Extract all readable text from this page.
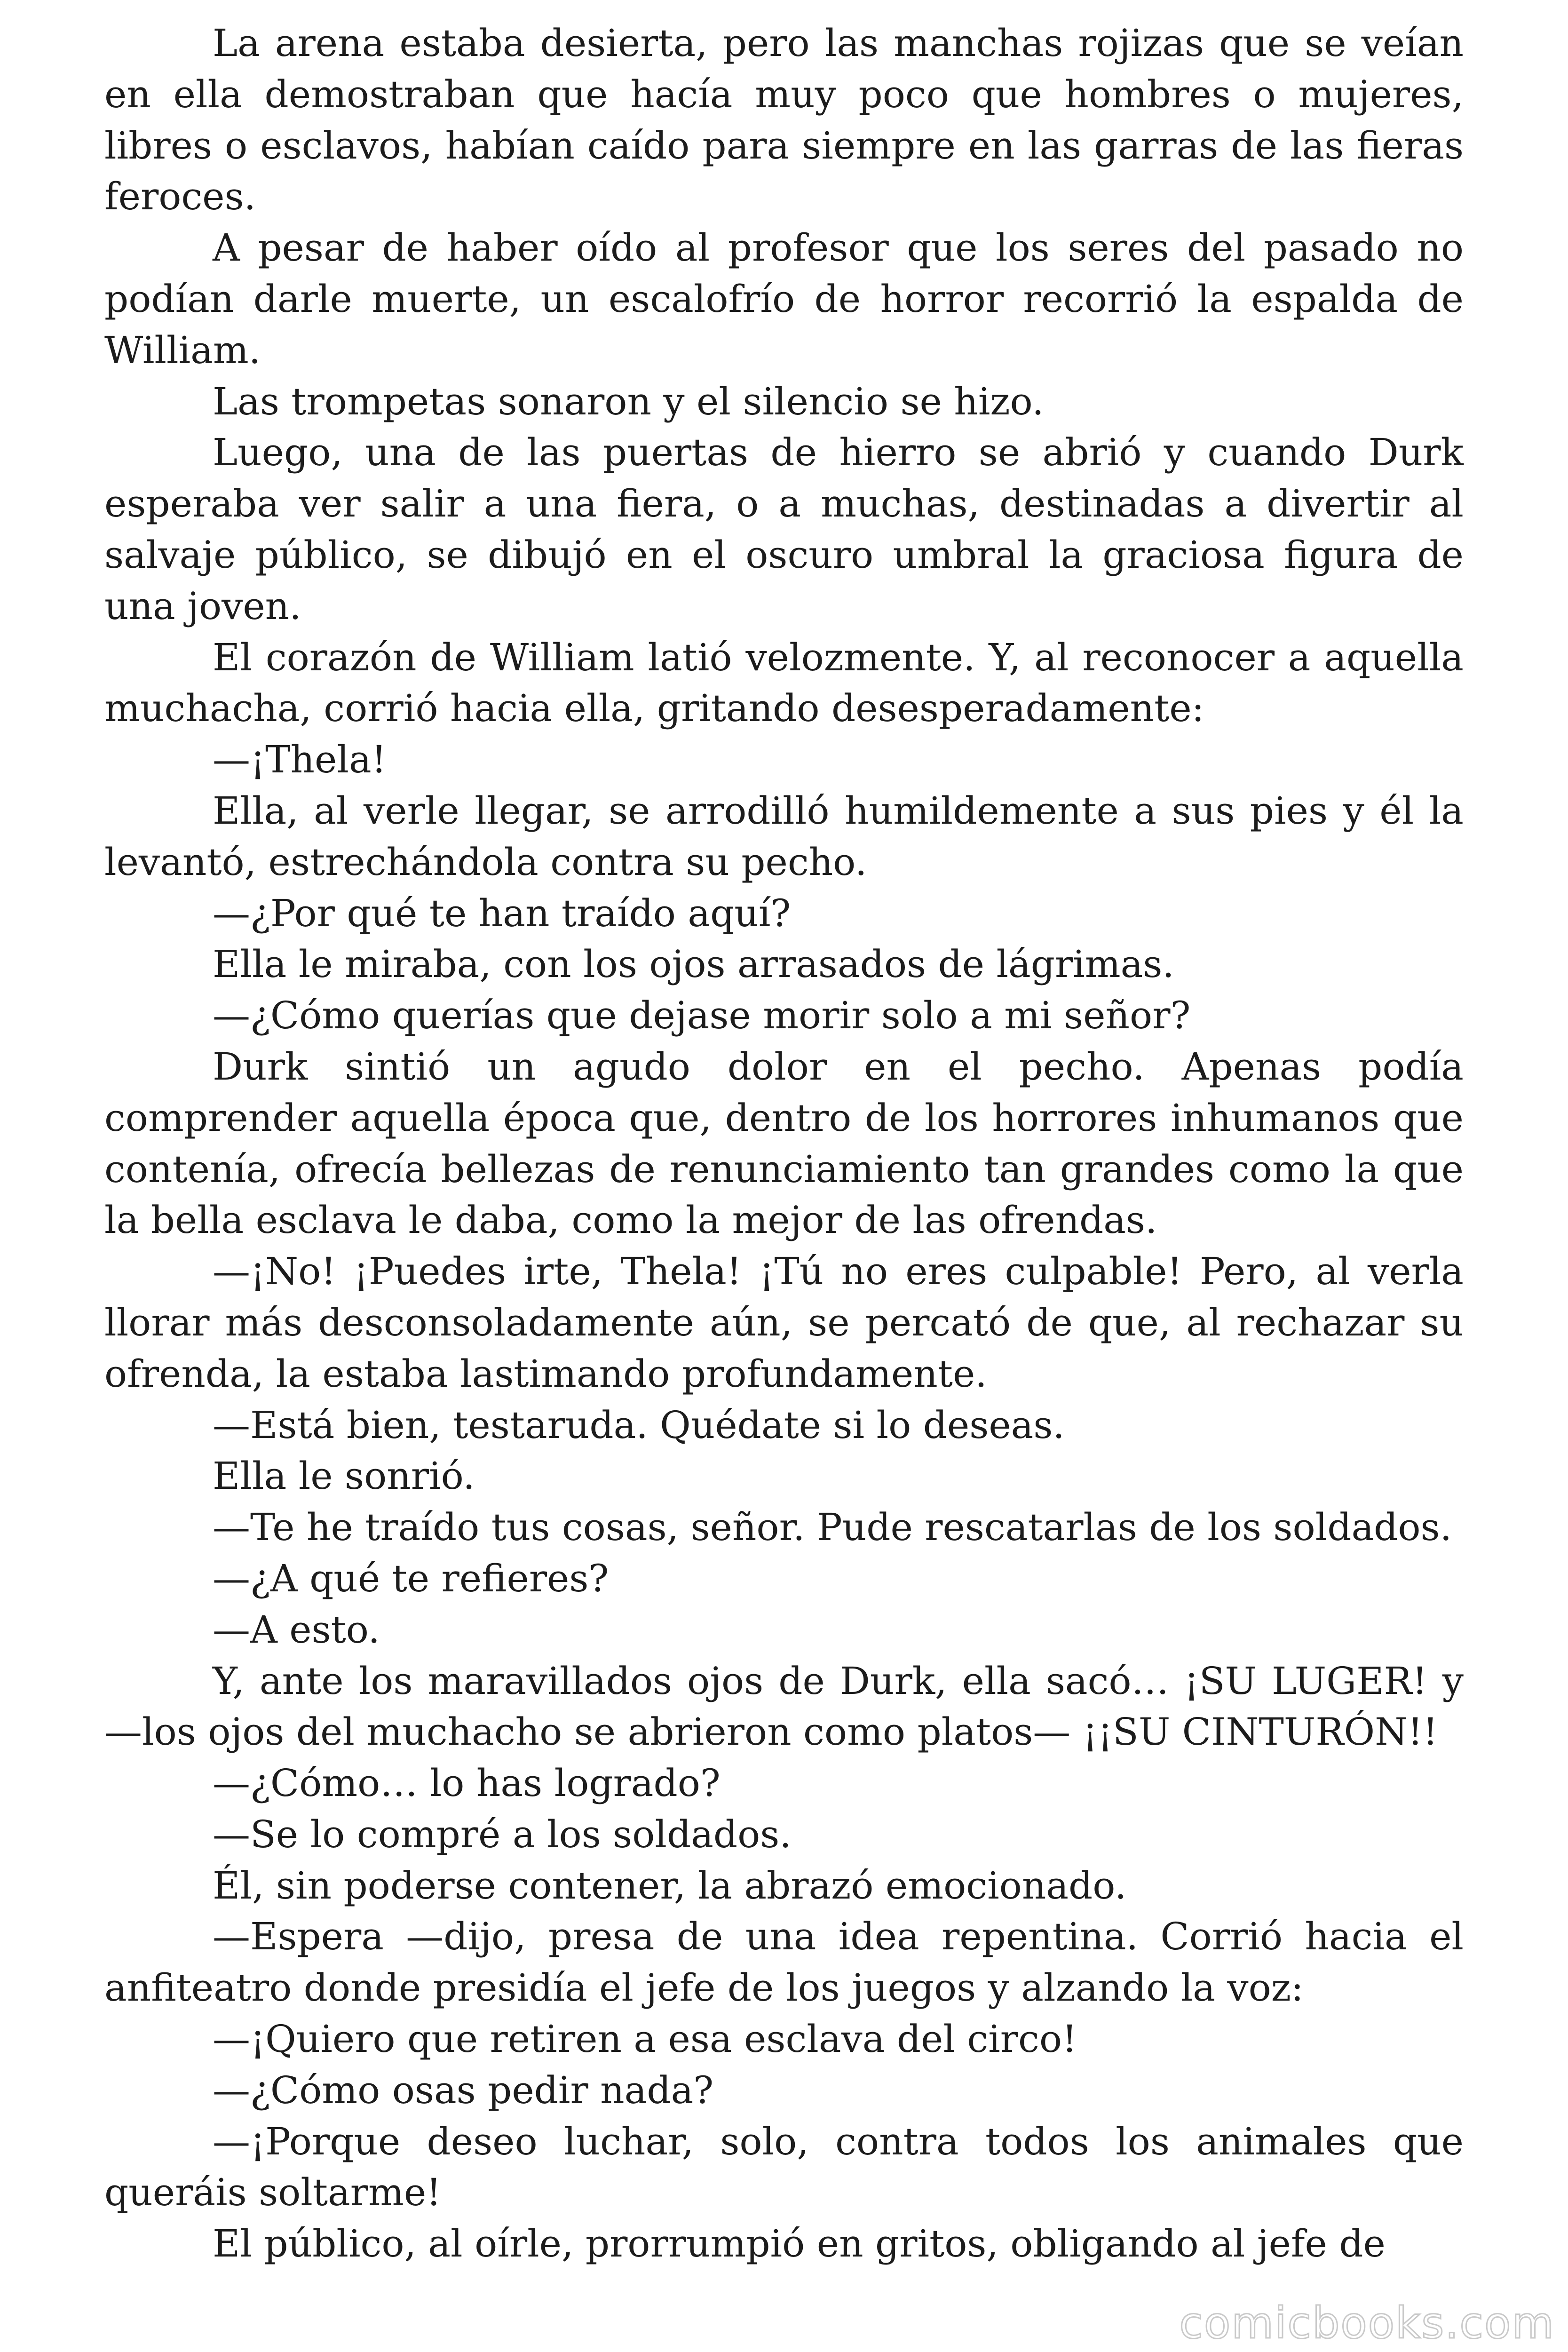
La arena estaba desierta, pero las manchas rojizas que se veían en ella demostraban que hacía muy poco que hombres o mujeres, libres o esclavos, habían caído para siempre en las garras de las fieras feroces.

A pesar de haber oído al profesor que los seres del pasado no podían darle muerte, un escalofrío de horror recorrió la espalda de William.

Las trompetas sonaron y el silencio se hizo.

Luego, una de las puertas de hierro se abrió y cuando Durk esperaba ver salir a una fiera, o a muchas, destinadas a divertir al salvaje público, se dibujó en el oscuro umbral la graciosa figura de una joven.

El corazón de William latió velozmente. Y, al reconocer a aquella muchacha, corrió hacia ella, gritando desesperadamente:

—¡Thela!

Ella, al verle llegar, se arrodilló humildemente a sus pies y él la levantó, estrechándola contra su pecho.

—¿Por qué te han traído aquí?

Ella le miraba, con los ojos arrasados de lágrimas.

—¿Cómo querías que dejase morir solo a mi señor?

Durk sintió un agudo dolor en el pecho. Apenas podía comprender aquella época que, dentro de los horrores inhumanos que contenía, ofrecía bellezas de renunciamiento tan grandes como la que la bella esclava le daba, como la mejor de las ofrendas.

—¡No! ¡Puedes irte, Thela! ¡Tú no eres culpable! Pero, al verla llorar más desconsoladamente aún, se percató de que, al rechazar su ofrenda, la estaba lastimando profundamente.

—Está bien, testaruda. Quédate si lo deseas.

Ella le sonrió.

—Te he traído tus cosas, señor. Pude rescatarlas de los soldados.

—¿A qué te refieres?

—A esto.

Y, ante los maravillados ojos de Durk, ella sacó… ¡SU LUGER! y —los ojos del muchacho se abrieron como platos— ¡¡SU CINTURÓN!!

—¿Cómo… lo has logrado?

—Se lo compré a los soldados.

Él, sin poderse contener, la abrazó emocionado.

—Espera —dijo, presa de una idea repentina. Corrió hacia el anfiteatro donde presidía el jefe de los juegos y alzando la voz:

—¡Quiero que retiren a esa esclava del circo!

—¿Cómo osas pedir nada?

—¡Porque deseo luchar, solo, contra todos los animales que queráis soltarme!

El público, al oírle, prorrumpió en gritos, obligando al jefe de

comicbooks.com
